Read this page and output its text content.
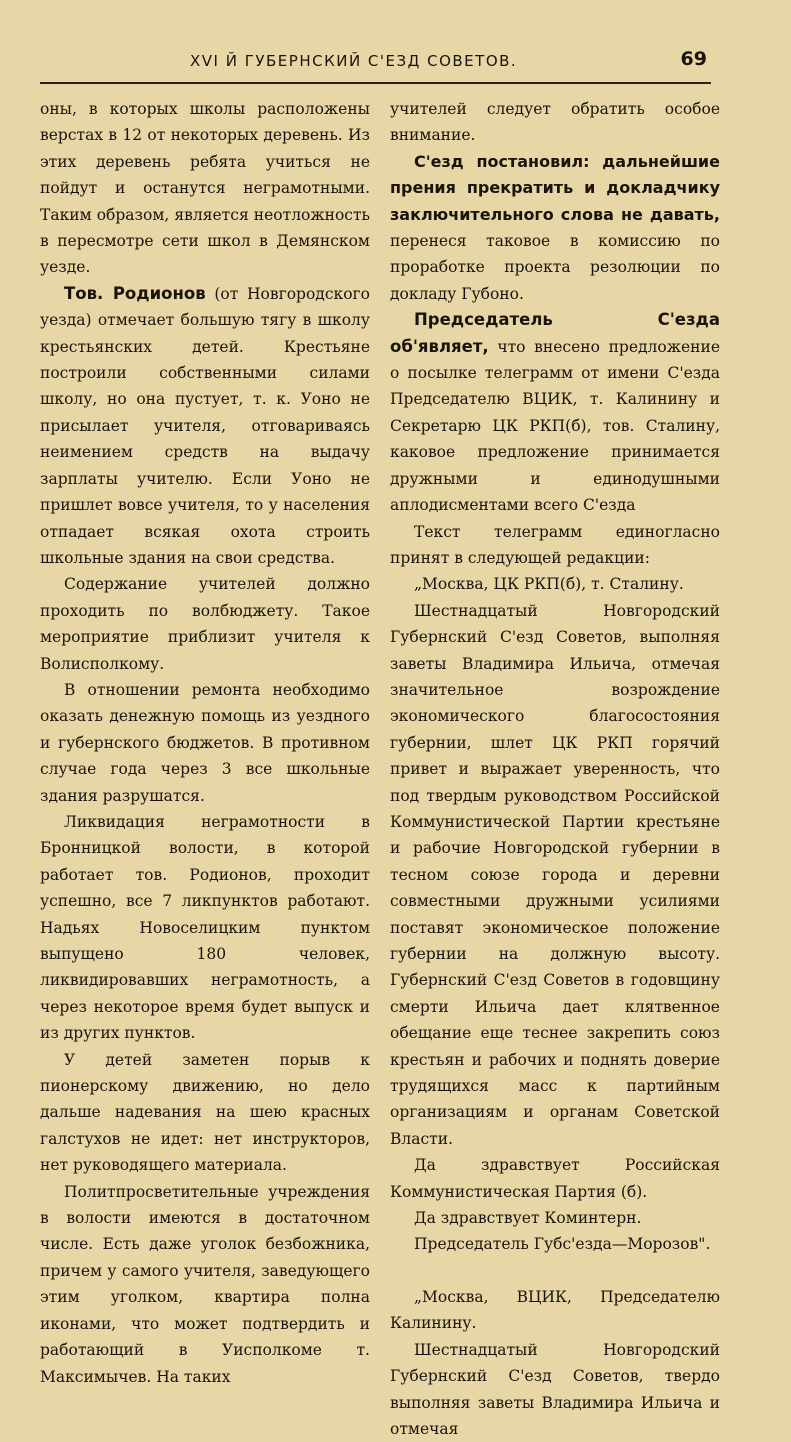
XVI Й ГУБЕРНСКИЙ С'ЕЗД СОВЕТОВ.	69

оны, в которых школы расположены верстах в 12 от некоторых деревень. Из этих деревень ребята учиться не пойдут и останутся неграмотными. Таким образом, является неотложность в пересмотре сети школ в Демянском уезде.

Тов. Родионов (от Новгородского уезда) отмечает большую тягу в школу крестьянских детей. Крестьяне построили собственными силами школу, но она пустует, т. к. Уоно не присылает учителя, отговариваясь неимением средств на выдачу зарплаты учителю. Если Уоно не пришлет вовсе учителя, то у населения отпадает всякая охота строить школьные здания на свои средства.

Содержание учителей должно проходить по волбюджету. Такое мероприятие приблизит учителя к Волисполкому.

В отношении ремонта необходимо оказать денежную помощь из уездного и губернского бюджетов. В противном случае года через 3 все школьные здания разрушатся.

Ликвидация неграмотности в Бронницкой волости, в которой работает тов. Родионов, проходит успешно, все 7 ликпунктов работают. Надьях Новоселицким пунктом выпущено 180 человек, ликвидировавших неграмотность, а через некоторое время будет выпуск и из других пунктов.

У детей заметен порыв к пионерскому движению, но дело дальше надевания на шею красных галстухов не идет: нет инструкторов, нет руководящего материала.

Политпросветительные учреждения в волости имеются в достаточном числе. Есть даже уголок безбожника, причем у самого учителя, заведующего этим уголком, квартира полна иконами, что может подтвердить и работающий в Уисполкоме т. Максимычев. На таких

учителей следует обратить особое внимание.

С'езд постановил: дальнейшие прения прекратить и докладчику заключительного слова не давать, перенеся таковое в комиссию по проработке проекта резолюции по докладу Губоно.

Председатель С'езда об'являет, что внесено предложение о посылке телеграмм от имени С'езда Председателю ВЦИК, т. Калинину и Секретарю ЦК РКП(б), тов. Сталину, каковое предложение принимается дружными и единодушными аплодисментами всего С'езда

Текст телеграмм единогласно принят в следующей редакции:

„Москва, ЦК РКП(б), т. Сталину.

Шестнадцатый Новгородский Губернский С'езд Советов, выполняя заветы Владимира Ильича, отмечая значительное возрождение экономического благосостояния губернии, шлет ЦК РКП горячий привет и выражает уверенность, что под твердым руководством Российской Коммунистической Партии крестьяне и рабочие Новгородской губернии в тесном союзе города и деревни совместными дружными усилиями поставят экономическое положение губернии на должную высоту. Губернский С'езд Советов в годовщину смерти Ильича дает клятвенное обещание еще теснее закрепить союз крестьян и рабочих и поднять доверие трудящихся масс к партийным организациям и органам Советской Власти.

Да здравствует Российская Коммунистическая Партия (б).

Да здравствует Коминтерн.

Председатель Губс'езда—Морозов".

„Москва, ВЦИК, Председателю Калинину.

Шестнадцатый Новгородский Губернский С'езд Советов, твердо выполняя заветы Владимира Ильича и отмечая
